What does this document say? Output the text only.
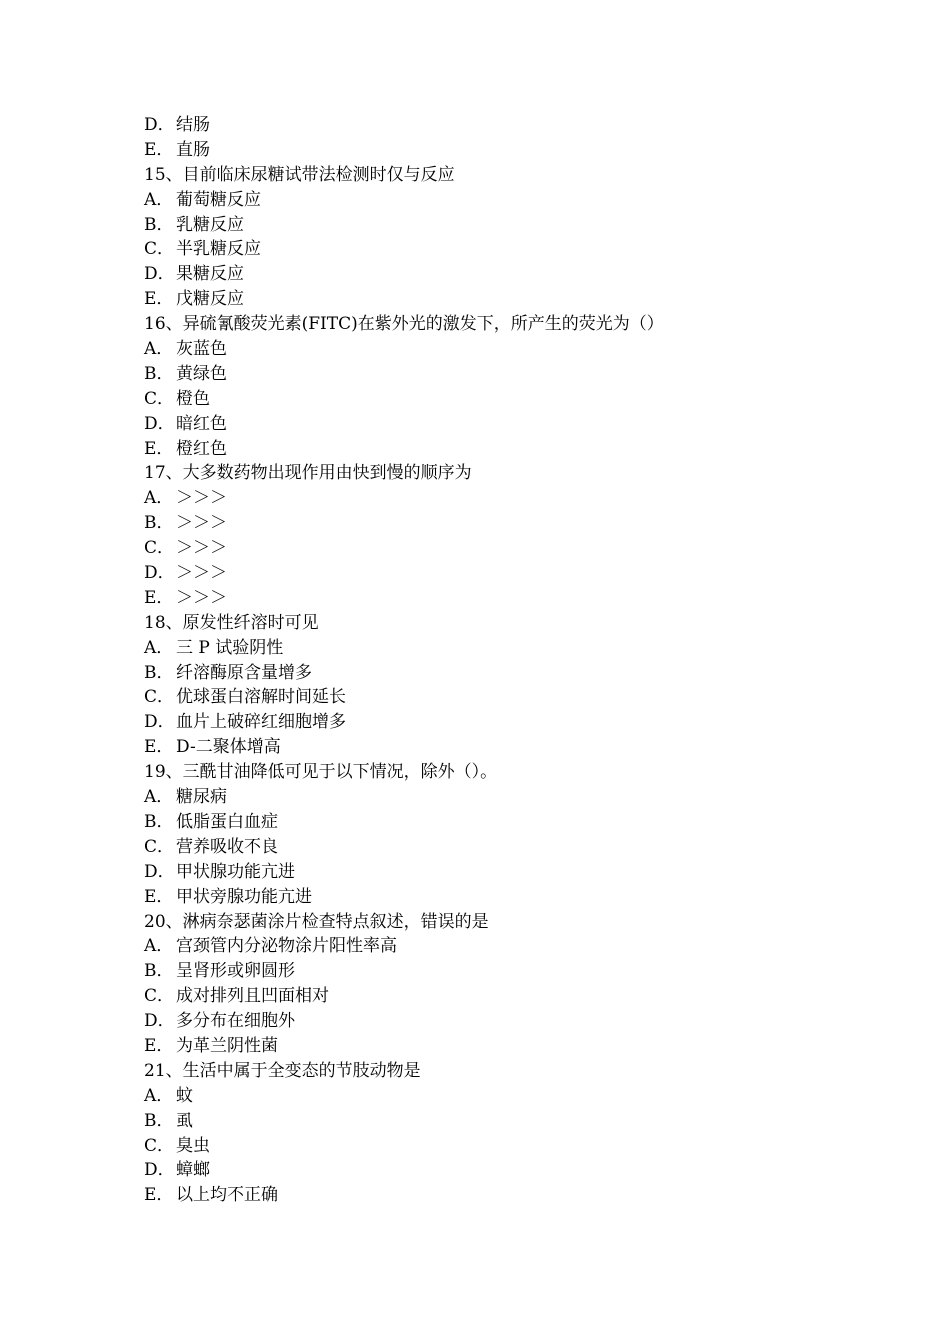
D．结肠
E． 直肠
15、目前临床尿糖试带法检测时仅与反应
A． 葡萄糖反应
B． 乳糖反应
C． 半乳糖反应
D．果糖反应
E． 戊糖反应
16、异硫氰酸荧光素(FITC)在紫外光的激发下，所产生的荧光为（）
A． 灰蓝色
B． 黄绿色
C． 橙色
D．暗红色
E． 橙红色
17、大多数药物出现作用由快到慢的顺序为
A． ＞＞＞
B． ＞＞＞
C． ＞＞＞
D．＞＞＞
E． ＞＞＞
18、原发性纤溶时可见
A． 三 P 试验阴性
B． 纤溶酶原含量增多
C． 优球蛋白溶解时间延长
D．血片上破碎红细胞增多
E． D-二聚体增高
19、三酰甘油降低可见于以下情况，除外（）。
A． 糖尿病
B． 低脂蛋白血症
C． 营养吸收不良
D．甲状腺功能亢进
E． 甲状旁腺功能亢进
20、淋病奈瑟菌涂片检查特点叙述，错误的是
A． 宫颈管内分泌物涂片阳性率高
B． 呈肾形或卵圆形
C． 成对排列且凹面相对
D．多分布在细胞外
E． 为革兰阴性菌
21、生活中属于全变态的节肢动物是
A． 蚊
B． 虱
C． 臭虫
D．蟑螂
E． 以上均不正确
